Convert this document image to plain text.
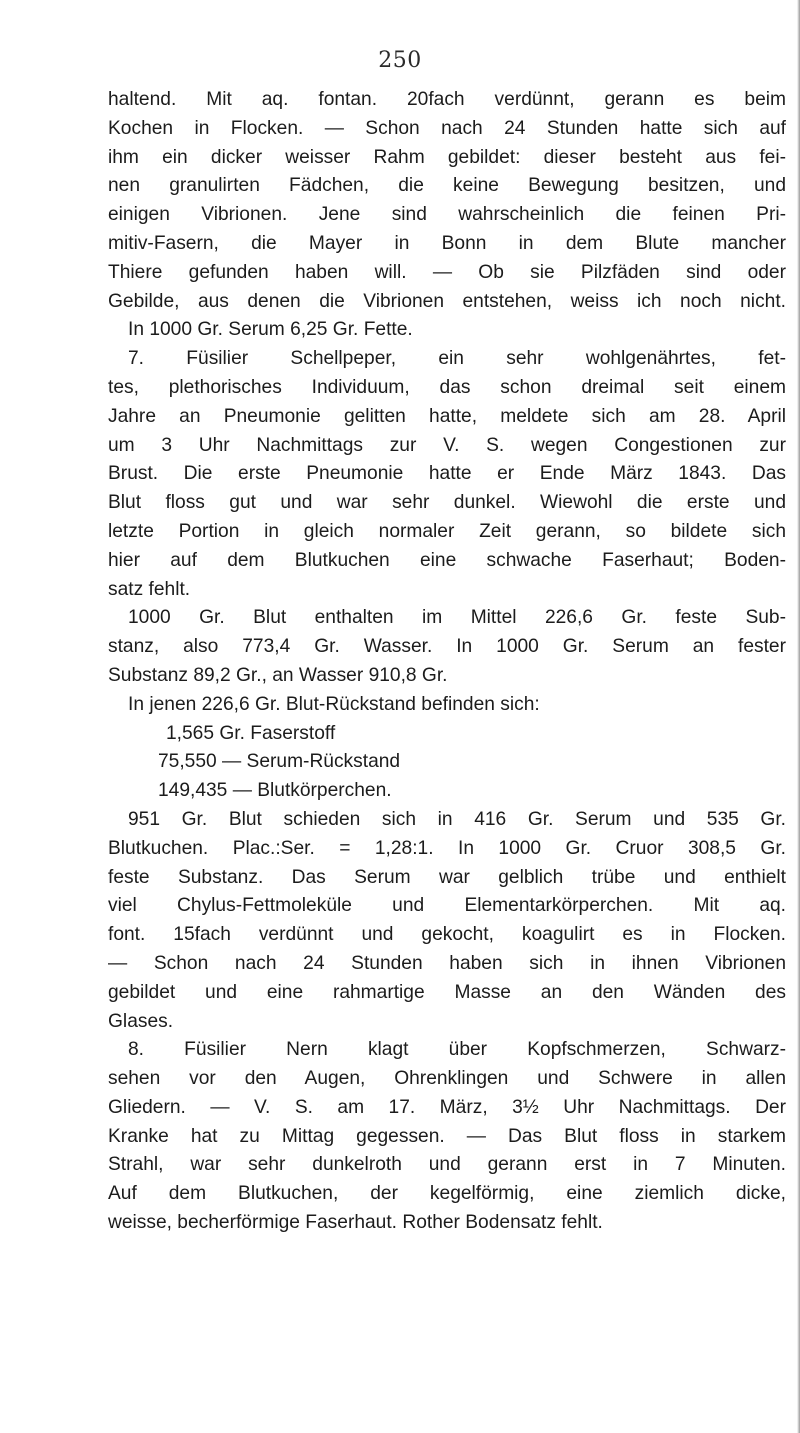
250
haltend. Mit aq. fontan. 20fach verdünnt, gerann es beim
Kochen in Flocken. — Schon nach 24 Stunden hatte sich auf
ihm ein dicker weisser Rahm gebildet: dieser besteht aus fei-
nen granulirten Fädchen, die keine Bewegung besitzen, und
einigen Vibrionen. Jene sind wahrscheinlich die feinen Pri-
mitiv-Fasern, die Mayer in Bonn in dem Blute mancher
Thiere gefunden haben will. — Ob sie Pilzfäden sind oder
Gebilde, aus denen die Vibrionen entstehen, weiss ich noch nicht.
In 1000 Gr. Serum 6,25 Gr. Fette.
7. Füsilier Schellpeper, ein sehr wohlgenährtes, fet-
tes, plethorisches Individuum, das schon dreimal seit einem
Jahre an Pneumonie gelitten hatte, meldete sich am 28. April
um 3 Uhr Nachmittags zur V. S. wegen Congestionen zur
Brust. Die erste Pneumonie hatte er Ende März 1843. Das
Blut floss gut und war sehr dunkel. Wiewohl die erste und
letzte Portion in gleich normaler Zeit gerann, so bildete sich
hier auf dem Blutkuchen eine schwache Faserhaut; Boden-
satz fehlt.
1000 Gr. Blut enthalten im Mittel 226,6 Gr. feste Sub-
stanz, also 773,4 Gr. Wasser. In 1000 Gr. Serum an fester
Substanz 89,2 Gr., an Wasser 910,8 Gr.
In jenen 226,6 Gr. Blut-Rückstand befinden sich:
1,565 Gr. Faserstoff
75,550 — Serum-Rückstand
149,435 — Blutkörperchen.
951 Gr. Blut schieden sich in 416 Gr. Serum und 535 Gr.
Blutkuchen. Plac.:Ser. = 1,28:1. In 1000 Gr. Cruor 308,5 Gr.
feste Substanz. Das Serum war gelblich trübe und enthielt
viel Chylus-Fettmoleküle und Elementarkörperchen. Mit aq.
font. 15fach verdünnt und gekocht, koagulirt es in Flocken.
— Schon nach 24 Stunden haben sich in ihnen Vibrionen
gebildet und eine rahmartige Masse an den Wänden des
Glases.
8. Füsilier Nern klagt über Kopfschmerzen, Schwarz-
sehen vor den Augen, Ohrenklingen und Schwere in allen
Gliedern. — V. S. am 17. März, 3½ Uhr Nachmittags. Der
Kranke hat zu Mittag gegessen. — Das Blut floss in starkem
Strahl, war sehr dunkelroth und gerann erst in 7 Minuten.
Auf dem Blutkuchen, der kegelförmig, eine ziemlich dicke,
weisse, becherförmige Faserhaut. Rother Bodensatz fehlt.
